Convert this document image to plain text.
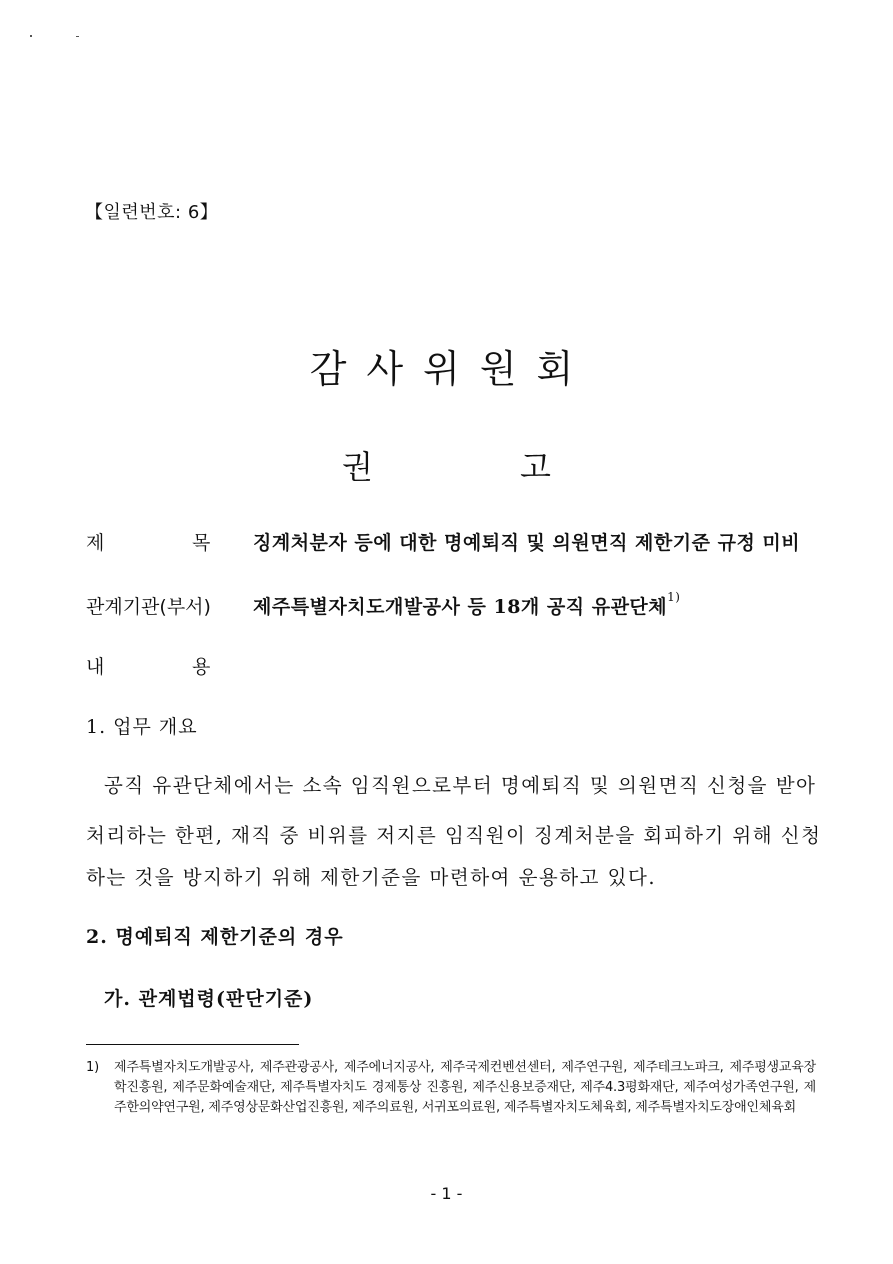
【일련번호: 6】
감사위원회
권	고
제	목 징계처분자 등에 대한 명예퇴직 및 의원면직 제한기준 규정 미비
관계기관(부서) 제주특별자치도개발공사 등 18개 공직 유관단체$^{1)}$
내	용
1. 업무 개요
공직 유관단체에서는 소속 임직원으로부터 명예퇴직 및 의원면직 신청을 받아
처리하는 한편, 재직 중 비위를 저지른 임직원이 징계처분을 회피하기 위해 신청
하는 것을 방지하기 위해 제한기준을 마련하여 운용하고 있다.
2. 명예퇴직 제한기준의 경우
가. 관계법령(판단기준)
1) 제주특별자치도개발공사, 제주관광공사, 제주에너지공사, 제주국제컨벤션센터, 제주연구원, 제주테크노파크, 제주평생교육장학진흥원, 제주문화예술재단, 제주특별자치도 경제통상 진흥원, 제주신용보증재단, 제주4.3평화재단, 제주여성가족연구원, 제주한의약연구원, 제주영상문화산업진흥원, 제주의료원, 서귀포의료원, 제주특별자치도체육회, 제주특별자치도장애인체육회
- 1 -
